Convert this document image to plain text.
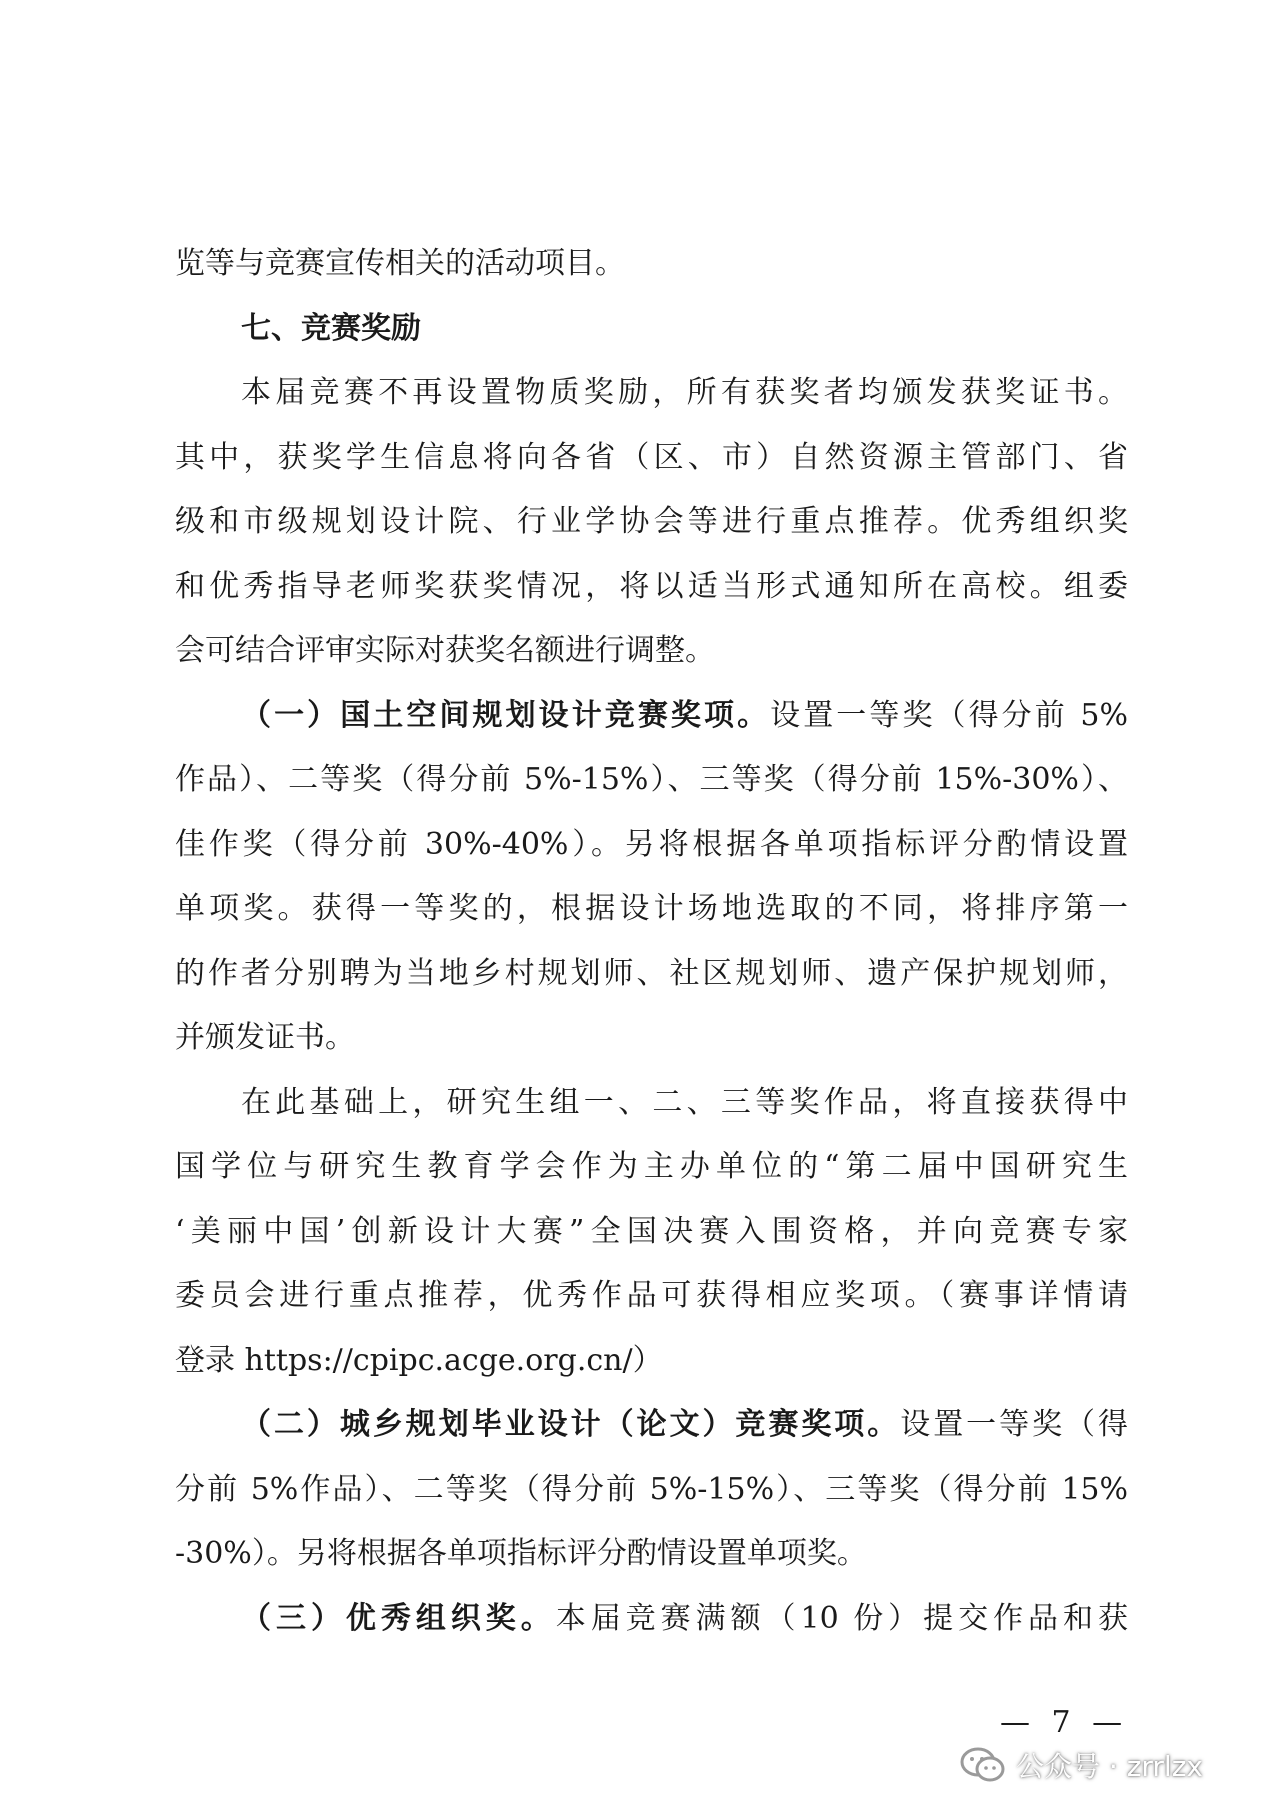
览等与竞赛宣传相关的活动项目。
七、竞赛奖励
本届竞赛不再设置物质奖励，所有获奖者均颁发获奖证书。
其中，获奖学生信息将向各省（区、市）自然资源主管部门、省
级和市级规划设计院、行业学协会等进行重点推荐。优秀组织奖
和优秀指导老师奖获奖情况，将以适当形式通知所在高校。组委
会可结合评审实际对获奖名额进行调整。
（一）国土空间规划设计竞赛奖项。设置一等奖（得分前 5%
作品）、二等奖（得分前 5%-15%）、三等奖（得分前 15%-30%）、
佳作奖（得分前 30%-40%）。另将根据各单项指标评分酌情设置
单项奖。获得一等奖的，根据设计场地选取的不同，将排序第一
的作者分别聘为当地乡村规划师、社区规划师、遗产保护规划师，
并颁发证书。
在此基础上，研究生组一、二、三等奖作品，将直接获得中
国学位与研究生教育学会作为主办单位的“第二届中国研究生
‘美丽中国’创新设计大赛”全国决赛入围资格，并向竞赛专家
委员会进行重点推荐，优秀作品可获得相应奖项。（赛事详情请
登录 https://cpipc.acge.org.cn/）
（二）城乡规划毕业设计（论文）竞赛奖项。设置一等奖（得
分前 5%作品）、二等奖（得分前 5%-15%）、三等奖（得分前 15%
-30%）。另将根据各单项指标评分酌情设置单项奖。
（三）优秀组织奖。本届竞赛满额（10 份）提交作品和获
— 7 —
公众号 · zrrlzx
